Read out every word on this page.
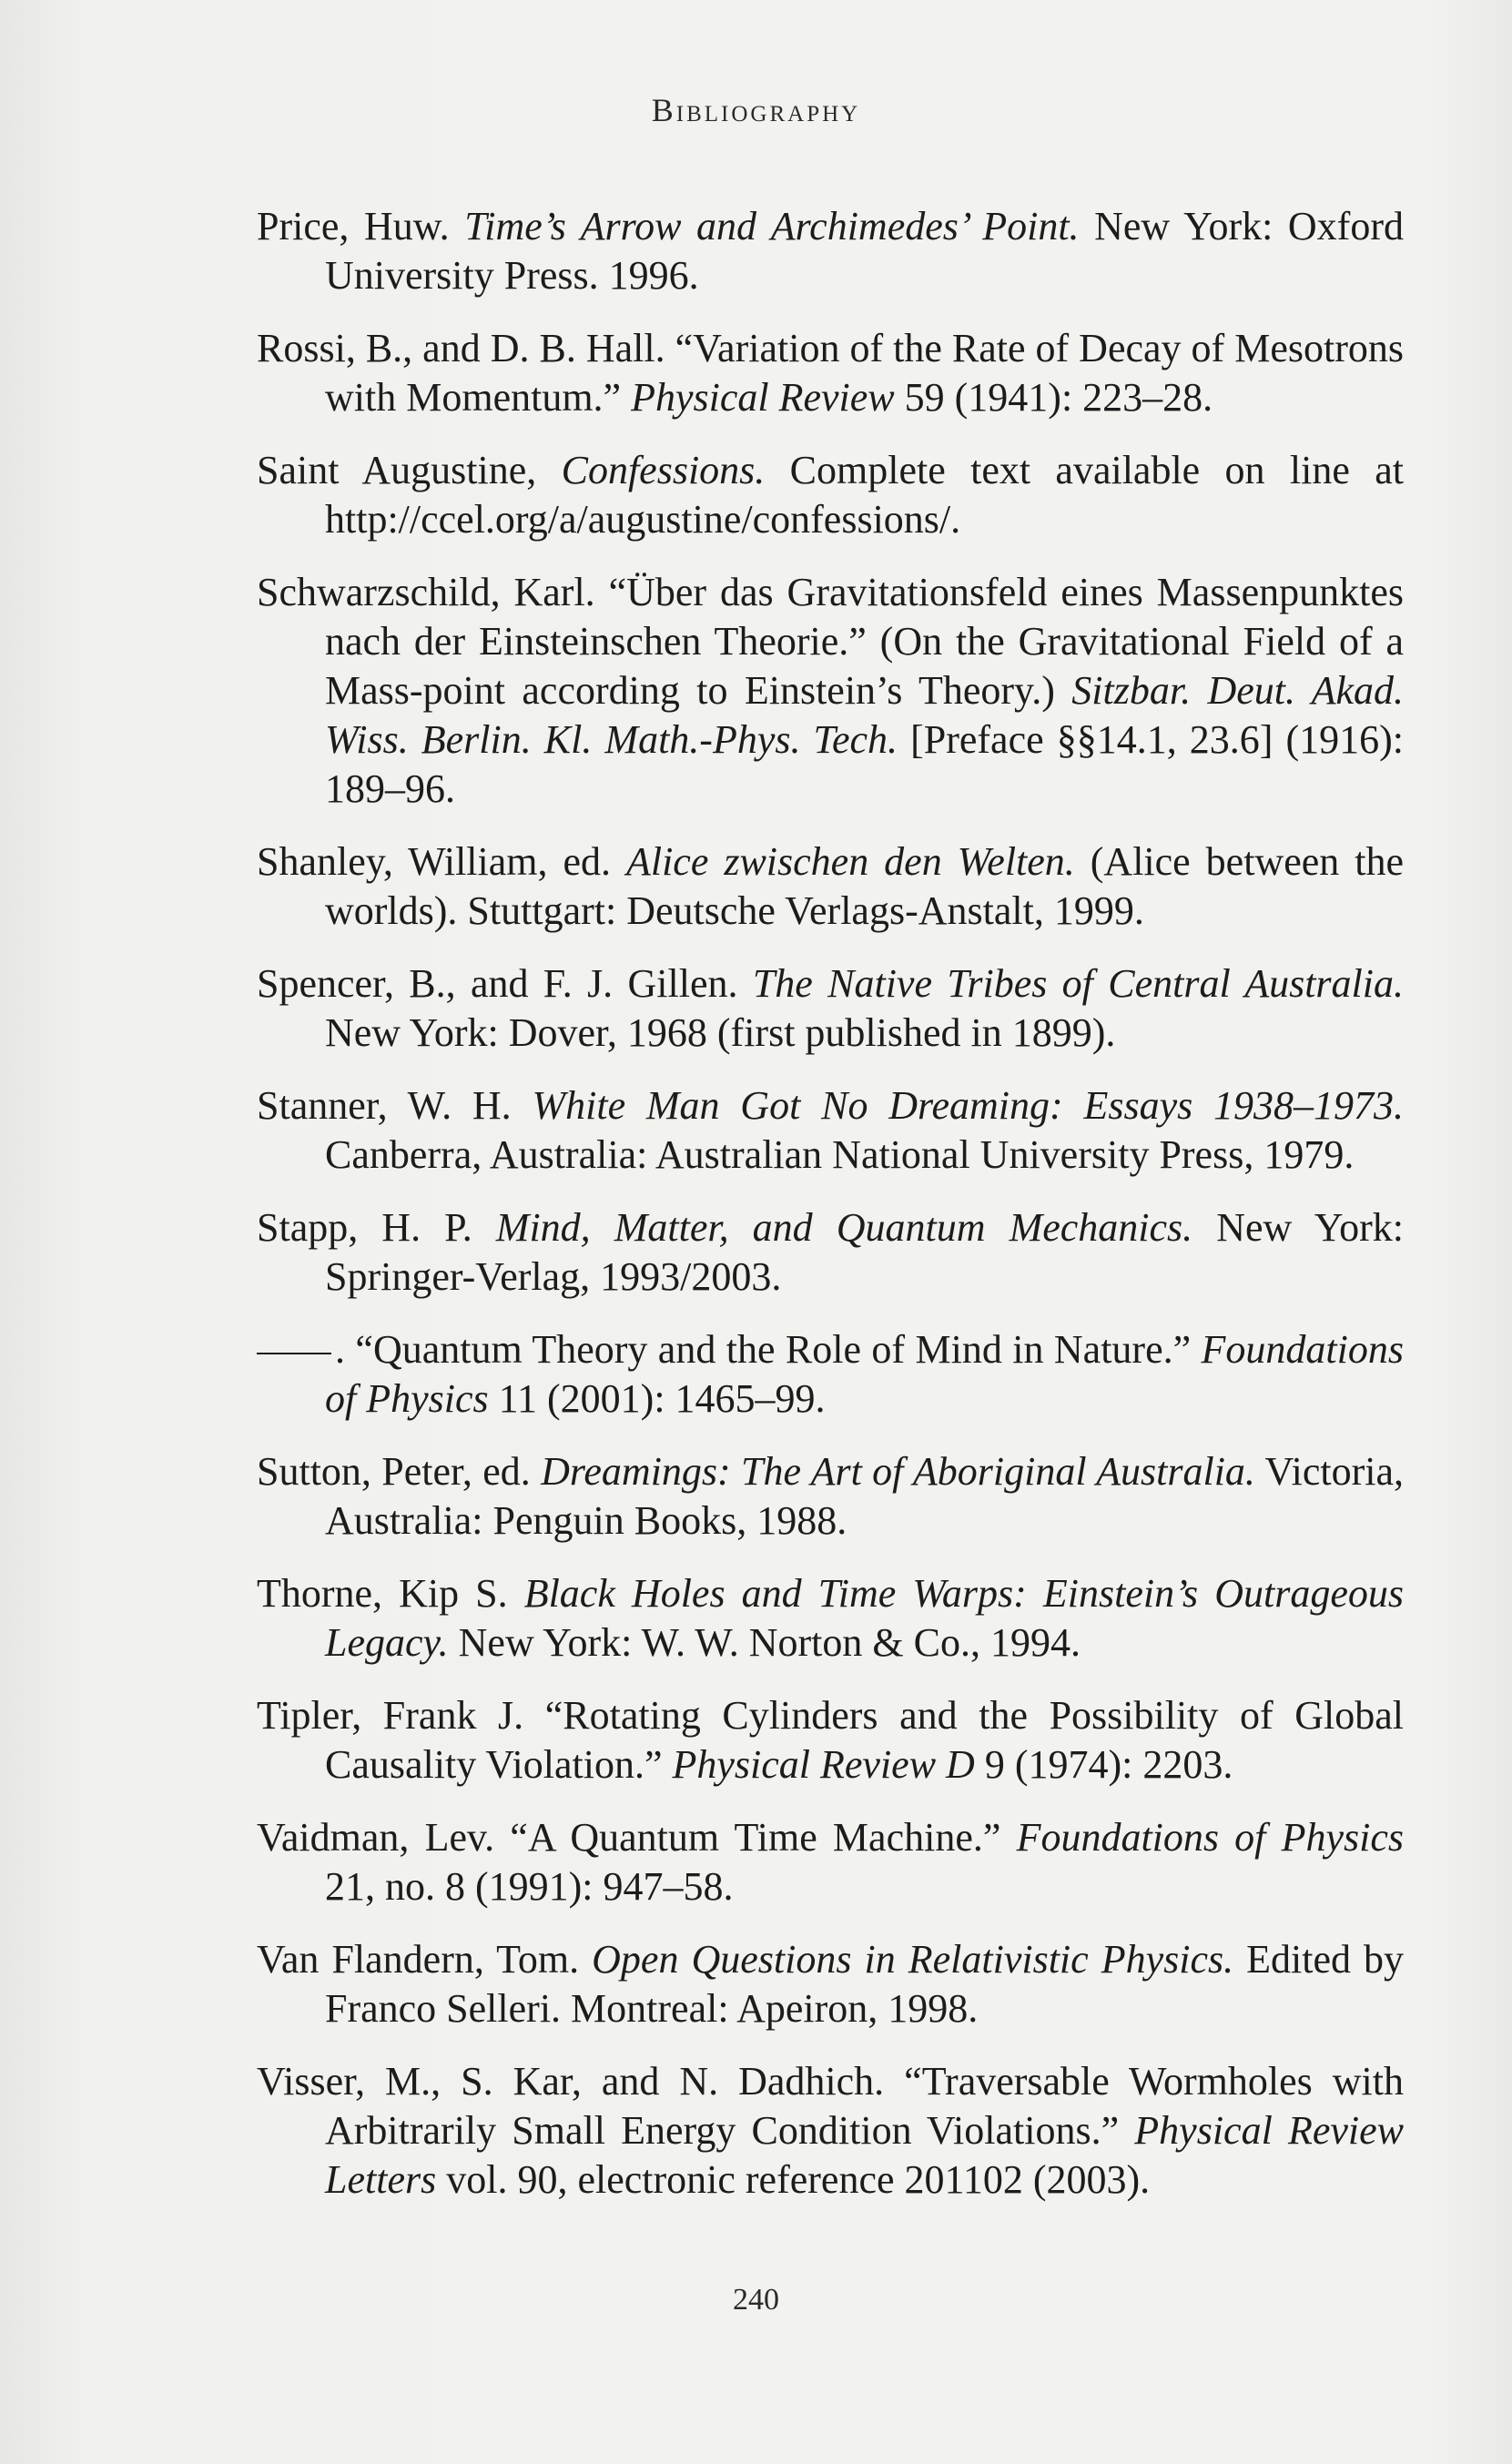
Bibliography

Price, Huw. Time’s Arrow and Archimedes’ Point. New York: Oxford University Press. 1996.

Rossi, B., and D. B. Hall. “Variation of the Rate of Decay of Mesotrons with Momentum.” Physical Review 59 (1941): 223–28.

Saint Augustine, Confessions. Complete text available on line at http://ccel.org/a/augustine/confessions/.

Schwarzschild, Karl. “Über das Gravitationsfeld eines Massenpunktes nach der Einsteinschen Theorie.” (On the Gravitational Field of a Mass-point according to Einstein’s Theory.) Sitzbar. Deut. Akad. Wiss. Berlin. Kl. Math.-Phys. Tech. [Preface §§14.1, 23.6] (1916): 189–96.

Shanley, William, ed. Alice zwischen den Welten. (Alice between the worlds). Stuttgart: Deutsche Verlags-Anstalt, 1999.

Spencer, B., and F. J. Gillen. The Native Tribes of Central Australia. New York: Dover, 1968 (first published in 1899).

Stanner, W. H. White Man Got No Dreaming: Essays 1938–1973. Canberra, Australia: Australian National University Press, 1979.

Stapp, H. P. Mind, Matter, and Quantum Mechanics. New York: Springer-Verlag, 1993/2003.

. “Quantum Theory and the Role of Mind in Nature.” Foundations of Physics 11 (2001): 1465–99.

Sutton, Peter, ed. Dreamings: The Art of Aboriginal Australia. Victoria, Australia: Penguin Books, 1988.

Thorne, Kip S. Black Holes and Time Warps: Einstein’s Outrageous Legacy. New York: W. W. Norton & Co., 1994.

Tipler, Frank J. “Rotating Cylinders and the Possibility of Global Causality Violation.” Physical Review D 9 (1974): 2203.

Vaidman, Lev. “A Quantum Time Machine.” Foundations of Physics 21, no. 8 (1991): 947–58.

Van Flandern, Tom. Open Questions in Relativistic Physics. Edited by Franco Selleri. Montreal: Apeiron, 1998.

Visser, M., S. Kar, and N. Dadhich. “Traversable Wormholes with Arbitrarily Small Energy Condition Violations.” Physical Review Letters vol. 90, electronic reference 201102 (2003).

240
